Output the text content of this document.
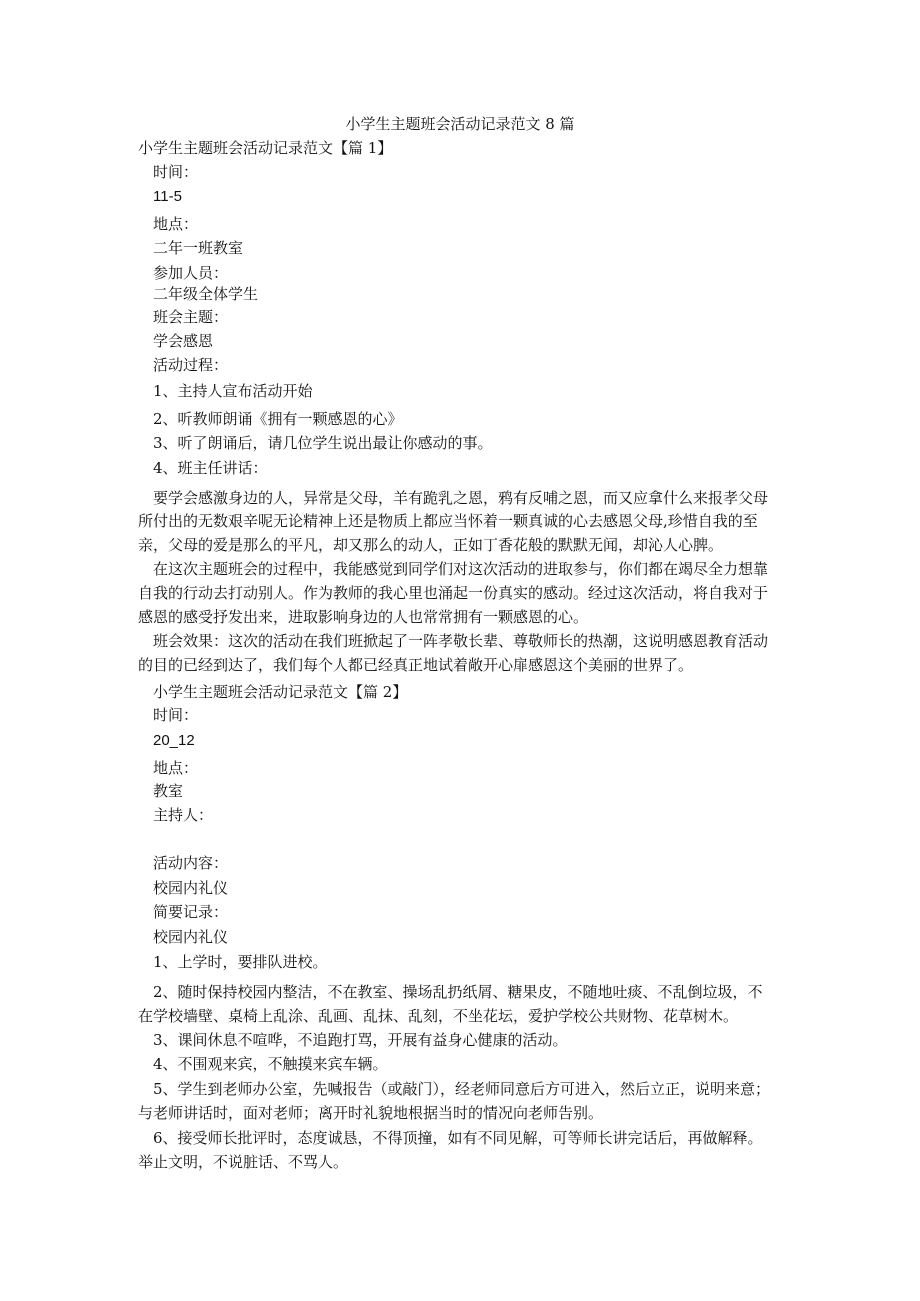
小学生主题班会活动记录范文 8 篇

小学生主题班会活动记录范文【篇 1】

时间：

11-5

地点：

二年一班教室

参加人员：

二年级全体学生

班会主题：

学会感恩

活动过程：

1、主持人宣布活动开始

2、听教师朗诵《拥有一颗感恩的心》

3、听了朗诵后，请几位学生说出最让你感动的事。

4、班主任讲话：

要学会感激身边的人，异常是父母，羊有跪乳之恩，鸦有反哺之恩，而又应拿什么来报孝父母

所付出的无数艰辛呢无论精神上还是物质上都应当怀着一颗真诚的心去感恩父母,珍惜自我的至

亲，父母的爱是那么的平凡，却又那么的动人，正如丁香花般的默默无闻，却沁人心脾。

在这次主题班会的过程中，我能感觉到同学们对这次活动的进取参与，你们都在竭尽全力想靠

自我的行动去打动别人。作为教师的我心里也涌起一份真实的感动。经过这次活动，将自我对于

感恩的感受抒发出来，进取影响身边的人也常常拥有一颗感恩的心。

班会效果：这次的活动在我们班掀起了一阵孝敬长辈、尊敬师长的热潮，这说明感恩教育活动

的目的已经到达了，我们每个人都已经真正地试着敞开心扉感恩这个美丽的世界了。

小学生主题班会活动记录范文【篇 2】

时间：

20_12

地点：

教室

主持人：

活动内容：

校园内礼仪

简要记录：

校园内礼仪

1、上学时，要排队进校。

2、随时保持校园内整洁，不在教室、操场乱扔纸屑、糖果皮，不随地吐痰、不乱倒垃圾，不

在学校墙壁、桌椅上乱涂、乱画、乱抹、乱刻，不坐花坛，爱护学校公共财物、花草树木。

3、课间休息不喧哗，不追跑打骂，开展有益身心健康的活动。

4、不围观来宾，不触摸来宾车辆。

5、学生到老师办公室，先喊报告（或敲门），经老师同意后方可进入，然后立正，说明来意；

与老师讲话时，面对老师；离开时礼貌地根据当时的情况向老师告别。

6、接受师长批评时，态度诚恳，不得顶撞，如有不同见解，可等师长讲完话后，再做解释。

举止文明，不说脏话、不骂人。
